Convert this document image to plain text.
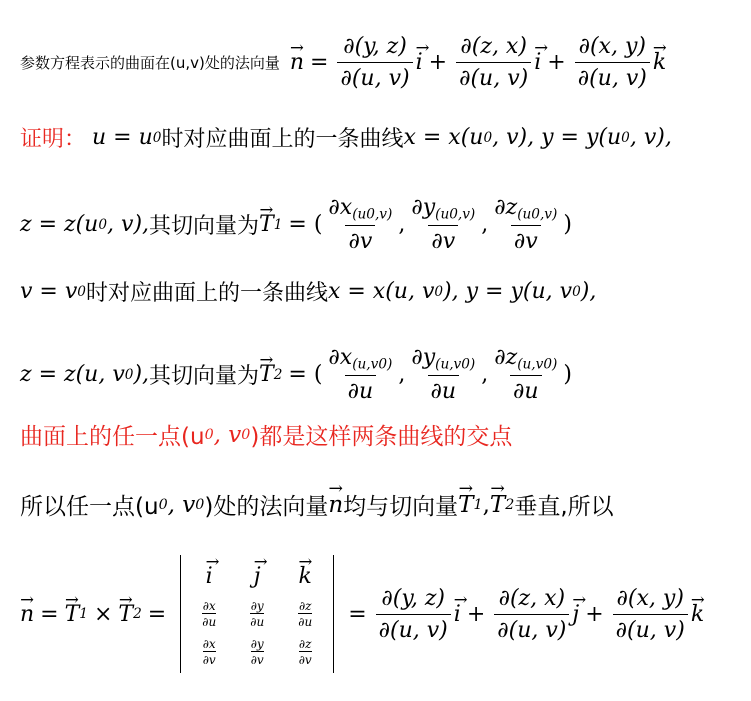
参数方程表示的曲面在(u,v)处的法向量
→ $n = \frac{\partial(y, z)}{\partial(u, v)}$
→ $i + \frac{\partial(z, x)}{\partial(u, v)}$
→ $i + \frac{\partial(x, y)}{\partial(u, v)}$
→ k
证明： u = u 0 时对应曲面上的一条曲线 x = x(u 0 , v), y = y(u 0 , v),
z = z(u 0 , v), 其切向量为
→ T 1 = ( $\frac{\partial x_{(u0,v)}}{\partial v}$ , $\frac{\partial y_{(u0,v)}}{\partial v}$ , $\frac{\partial z_{(u0,v)}}{\partial v}$ )
v = v 0 时对应曲面上的一条曲线 x = x(u, v 0 ), y = y(u, v 0 ),
z = z(u, v 0 ), 其切向量为
→ T 2 = ( $\frac{\partial x_{(u,v0)}}{\partial u}$ , $\frac{\partial y_{(u,v0)}}{\partial u}$ , $\frac{\partial z_{(u,v0)}}{\partial u}$ )
曲面上的任一点(u 0 , v 0 )都是这样两条曲线的交点
所以任一点(u 0 , v 0 )处的法向量
→ n 均与切向量
→ T 1 ,
→ T 2 垂直,所以
→ n =
→ T 1 ×
→ T 2 =
→ i
→ j
→ k
$\frac{\partial x}{\partial u}$	$\frac{\partial y}{\partial u}$	$\frac{\partial z}{\partial u}$
$\frac{\partial x}{\partial v}$	$\frac{\partial y}{\partial v}$	$\frac{\partial z}{\partial v}$
= $\frac{\partial(y, z)}{\partial(u, v)}$
→ $i + \frac{\partial(z, x)}{\partial(u, v)}$
→ $j + \frac{\partial(x, y)}{\partial(u, v)}$
→ k
